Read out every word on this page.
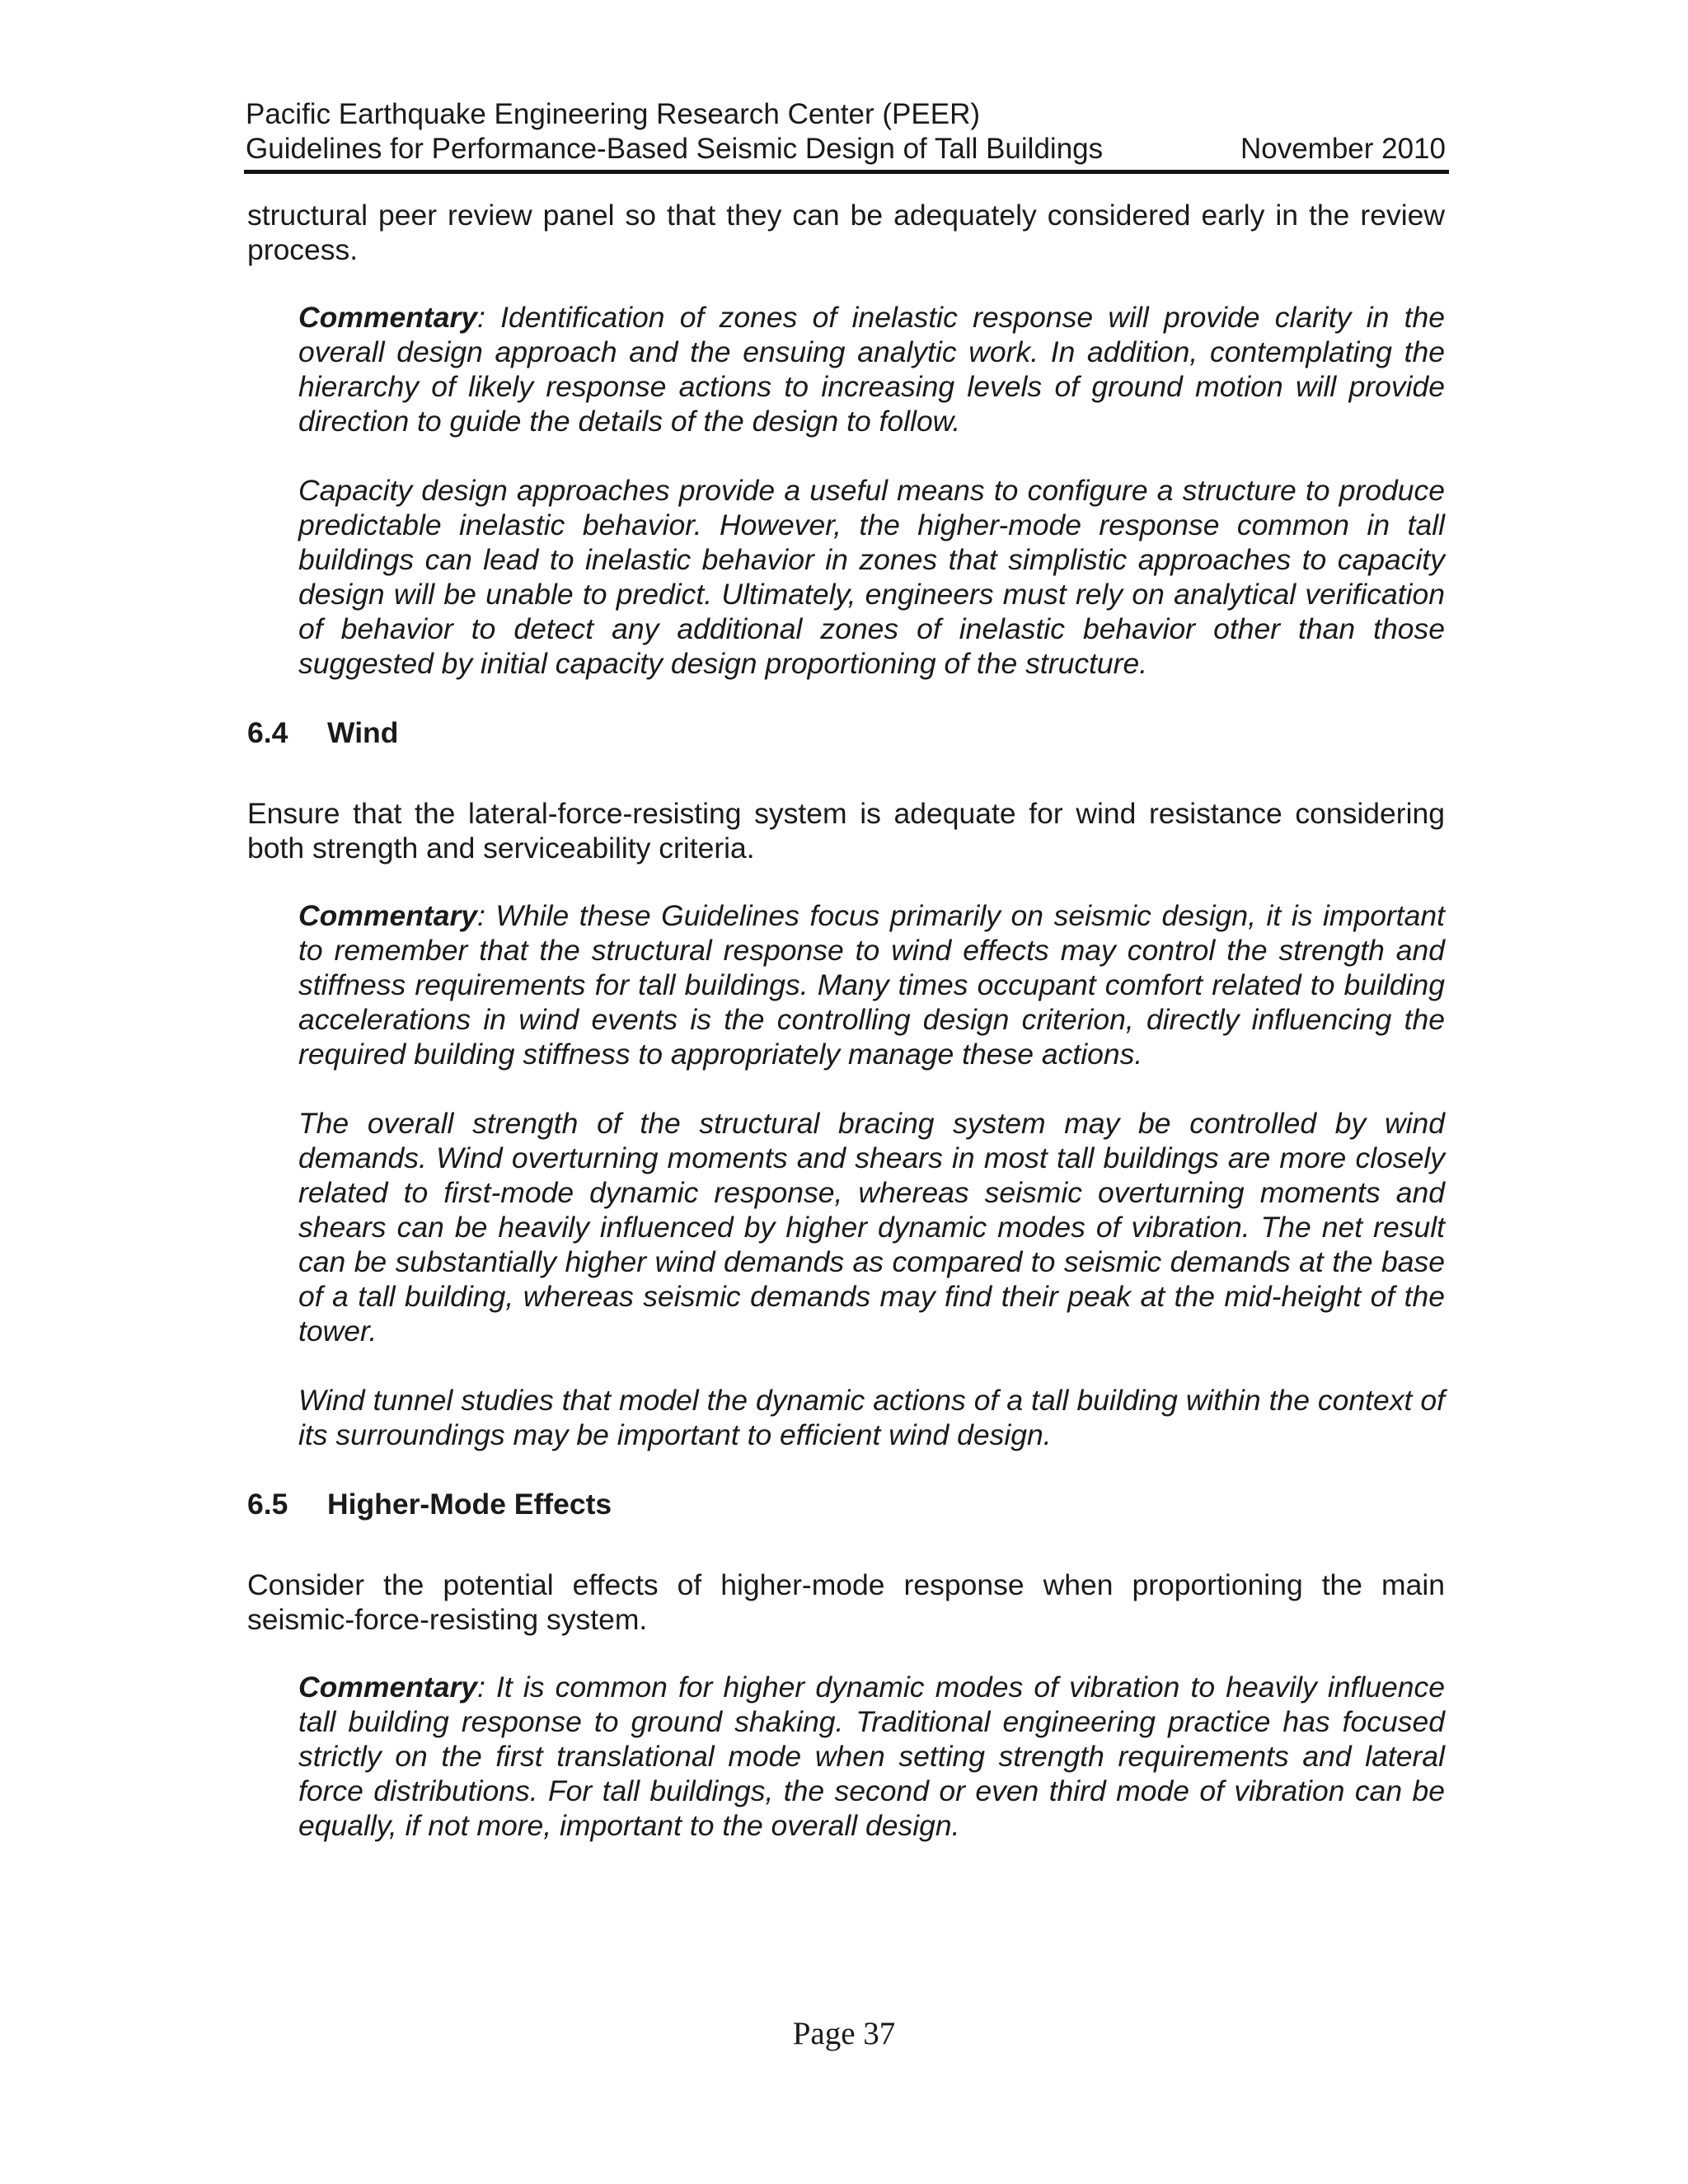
Pacific Earthquake Engineering Research Center (PEER)
Guidelines for Performance-Based Seismic Design of Tall Buildings	November 2010

structural peer review panel so that they can be adequately considered early in the review process.

Commentary: Identification of zones of inelastic response will provide clarity in the overall design approach and the ensuing analytic work. In addition, contemplating the hierarchy of likely response actions to increasing levels of ground motion will provide direction to guide the details of the design to follow.

Capacity design approaches provide a useful means to configure a structure to produce predictable inelastic behavior. However, the higher-mode response common in tall buildings can lead to inelastic behavior in zones that simplistic approaches to capacity design will be unable to predict. Ultimately, engineers must rely on analytical verification of behavior to detect any additional zones of inelastic behavior other than those suggested by initial capacity design proportioning of the structure.

6.4 Wind

Ensure that the lateral-force-resisting system is adequate for wind resistance considering both strength and serviceability criteria.

Commentary: While these Guidelines focus primarily on seismic design, it is important to remember that the structural response to wind effects may control the strength and stiffness requirements for tall buildings. Many times occupant comfort related to building accelerations in wind events is the controlling design criterion, directly influencing the required building stiffness to appropriately manage these actions.

The overall strength of the structural bracing system may be controlled by wind demands. Wind overturning moments and shears in most tall buildings are more closely related to first-mode dynamic response, whereas seismic overturning moments and shears can be heavily influenced by higher dynamic modes of vibration. The net result can be substantially higher wind demands as compared to seismic demands at the base of a tall building, whereas seismic demands may find their peak at the mid-height of the tower.

Wind tunnel studies that model the dynamic actions of a tall building within the context of its surroundings may be important to efficient wind design.

6.5 Higher-Mode Effects

Consider the potential effects of higher-mode response when proportioning the main seismic-force-resisting system.

Commentary: It is common for higher dynamic modes of vibration to heavily influence tall building response to ground shaking. Traditional engineering practice has focused strictly on the first translational mode when setting strength requirements and lateral force distributions. For tall buildings, the second or even third mode of vibration can be equally, if not more, important to the overall design.

Page 37
